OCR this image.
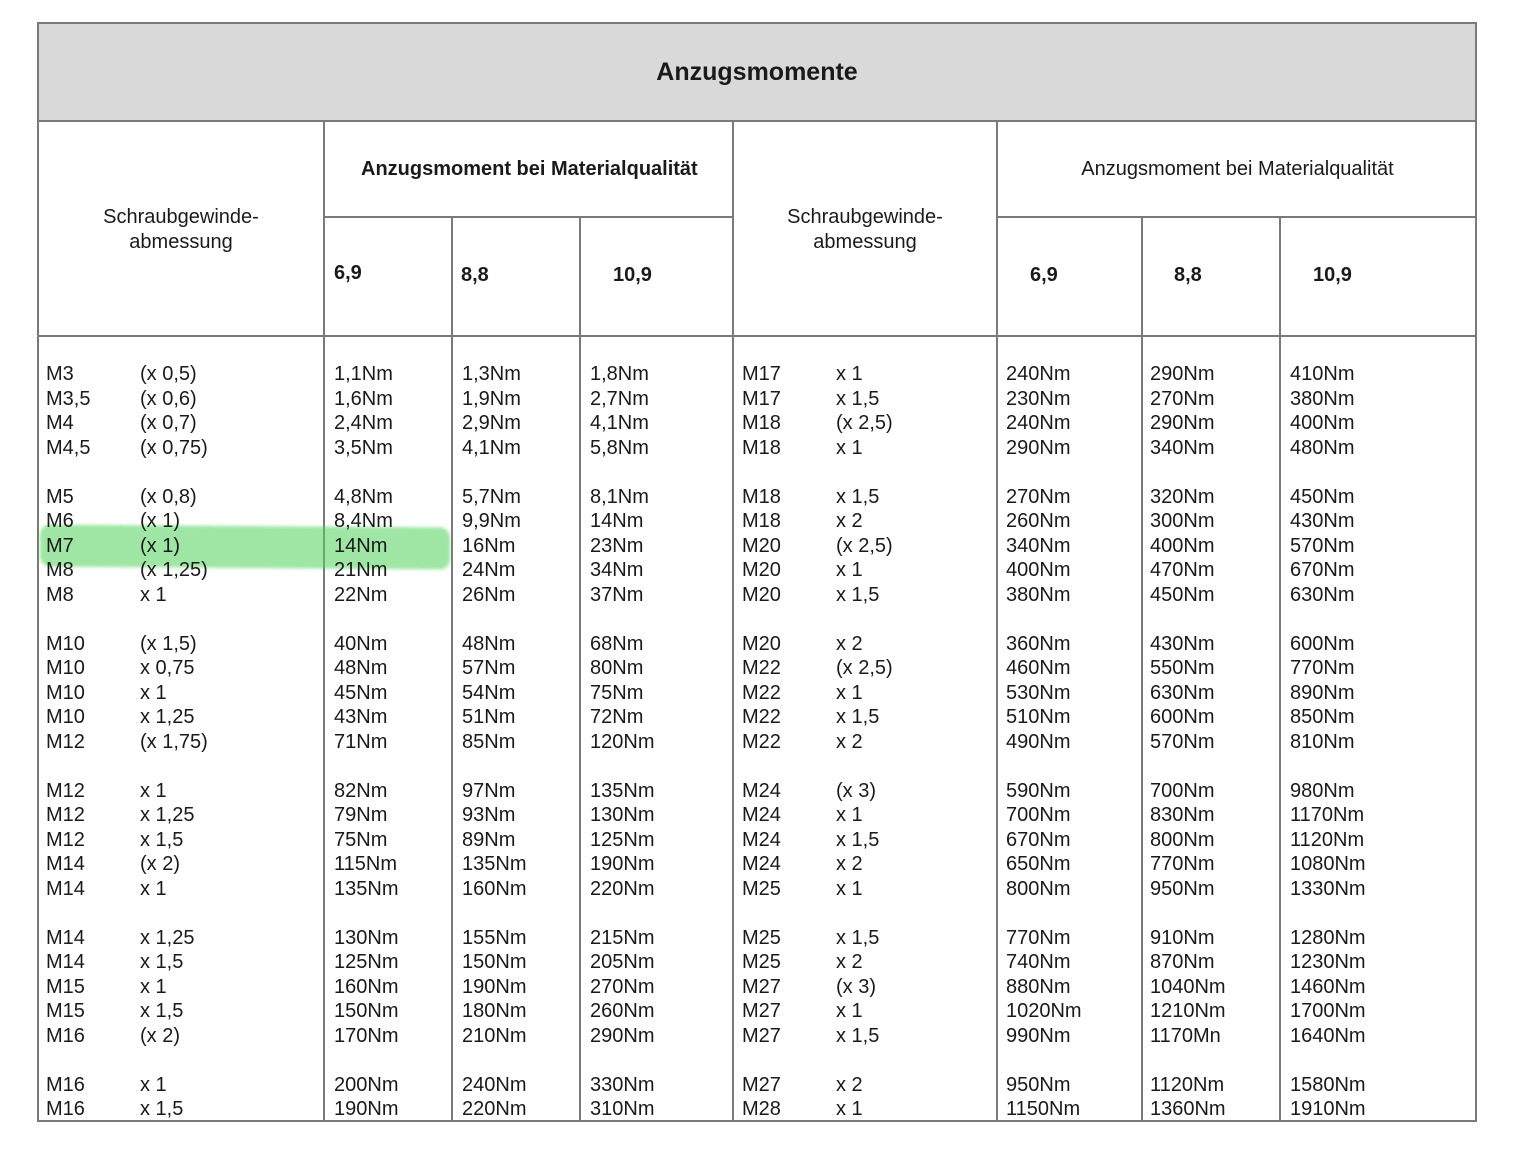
Anzugsmomente
Schraubgewinde-
abmessung
Anzugsmoment bei Materialqualität
6,9	8,8	10,9
Schraubgewinde-
abmessung
Anzugsmoment bei Materialqualität
6,9	8,8	10,9
M3	(x 0,5)	1,1Nm	1,3Nm	1,8Nm
M3,5 (x 0,6)	1,6Nm	1,9Nm	2,7Nm
M4	(x 0,7)	2,4Nm	2,9Nm	4,1Nm
M4,5 (x 0,75)	3,5Nm	4,1Nm	5,8Nm
M5	(x 0,8)	4,8Nm	5,7Nm	8,1Nm
M6	(x 1)	8,4Nm	9,9Nm	14Nm
M7	(x 1)	14Nm	16Nm	23Nm
M8	(x 1,25)	21Nm	24Nm	34Nm
M8	x 1	22Nm	26Nm	37Nm
M10	(x 1,5)	40Nm	48Nm	68Nm
M10	x 0,75	48Nm	57Nm	80Nm
M10	x 1	45Nm	54Nm	75Nm
M10	x 1,25	43Nm	51Nm	72Nm
M12	(x 1,75)	71Nm	85Nm	120Nm
M12	x 1	82Nm	97Nm	135Nm
M12	x 1,25	79Nm	93Nm	130Nm
M12	x 1,5	75Nm	89Nm	125Nm
M14	(x 2)	115Nm	135Nm	190Nm
M14	x 1	135Nm	160Nm	220Nm
M14	x 1,25	130Nm	155Nm	215Nm
M14	x 1,5	125Nm	150Nm	205Nm
M15	x 1	160Nm	190Nm	270Nm
M15	x 1,5	150Nm	180Nm	260Nm
M16	(x 2)	170Nm	210Nm	290Nm
M16	x 1	200Nm	240Nm	330Nm
M16	x 1,5	190Nm	220Nm	310Nm
M17	x 1	240Nm	290Nm	410Nm
M17	x 1,5	230Nm	270Nm	380Nm
M18	(x 2,5)	240Nm	290Nm	400Nm
M18	x 1	290Nm	340Nm	480Nm
M18	x 1,5	270Nm	320Nm	450Nm
M18	x 2	260Nm	300Nm	430Nm
M20	(x 2,5)	340Nm	400Nm	570Nm
M20	x 1	400Nm	470Nm	670Nm
M20	x 1,5	380Nm	450Nm	630Nm
M20	x 2	360Nm	430Nm	600Nm
M22	(x 2,5)	460Nm	550Nm	770Nm
M22	x 1	530Nm	630Nm	890Nm
M22	x 1,5	510Nm	600Nm	850Nm
M22	x 2	490Nm	570Nm	810Nm
M24	(x 3)	590Nm	700Nm	980Nm
M24	x 1	700Nm	830Nm	1170Nm
M24	x 1,5	670Nm	800Nm	1120Nm
M24	x 2	650Nm	770Nm	1080Nm
M25	x 1	800Nm	950Nm	1330Nm
M25	x 1,5	770Nm	910Nm	1280Nm
M25	x 2	740Nm	870Nm	1230Nm
M27	(x 3)	880Nm	1040Nm	1460Nm
M27	x 1	1020Nm	1210Nm	1700Nm
M27	x 1,5	990Nm	1170Mn	1640Nm
M27	x 2	950Nm	1120Nm	1580Nm
M28	x 1	1150Nm	1360Nm	1910Nm
